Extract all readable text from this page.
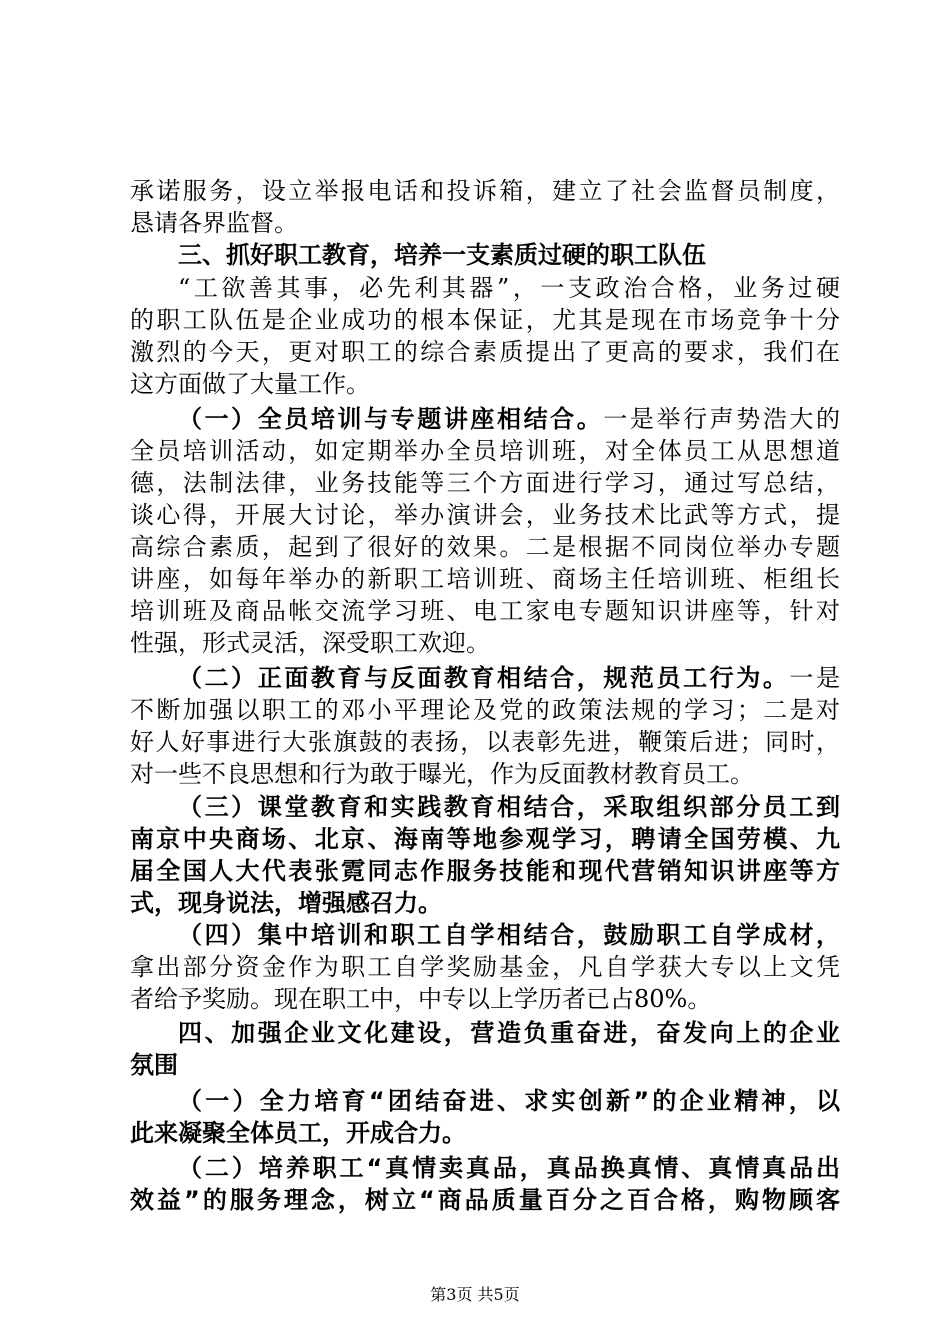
承诺服务，设立举报电话和投诉箱，建立了社会监督员制度，
恳请各界监督。
三、抓好职工教育，培养一支素质过硬的职工队伍
“工欲善其事，必先利其器”，一支政治合格，业务过硬
的职工队伍是企业成功的根本保证，尤其是现在市场竞争十分
激烈的今天，更对职工的综合素质提出了更高的要求，我们在
这方面做了大量工作。
（一）全员培训与专题讲座相结合。一是举行声势浩大的
全员培训活动，如定期举办全员培训班，对全体员工从思想道
德，法制法律，业务技能等三个方面进行学习，通过写总结，
谈心得，开展大讨论，举办演讲会，业务技术比武等方式，提
高综合素质，起到了很好的效果。二是根据不同岗位举办专题
讲座，如每年举办的新职工培训班、商场主任培训班、柜组长
培训班及商品帐交流学习班、电工家电专题知识讲座等，针对
性强，形式灵活，深受职工欢迎。
（二）正面教育与反面教育相结合，规范员工行为。一是
不断加强以职工的邓小平理论及党的政策法规的学习；二是对
好人好事进行大张旗鼓的表扬，以表彰先进，鞭策后进；同时，
对一些不良思想和行为敢于曝光，作为反面教材教育员工。
（三）课堂教育和实践教育相结合，采取组织部分员工到
南京中央商场、北京、海南等地参观学习，聘请全国劳模、九
届全国人大代表张霓同志作服务技能和现代营销知识讲座等方
式，现身说法，增强感召力。
（四）集中培训和职工自学相结合，鼓励职工自学成材，
拿出部分资金作为职工自学奖励基金，凡自学获大专以上文凭
者给予奖励。现在职工中，中专以上学历者已占80%。
四、加强企业文化建设，营造负重奋进，奋发向上的企业
氛围
（一）全力培育“团结奋进、求实创新”的企业精神，以
此来凝聚全体员工，开成合力。
（二）培养职工“真情卖真品，真品换真情、真情真品出
效益”的服务理念，树立“商品质量百分之百合格，购物顾客
第3页 共5页
